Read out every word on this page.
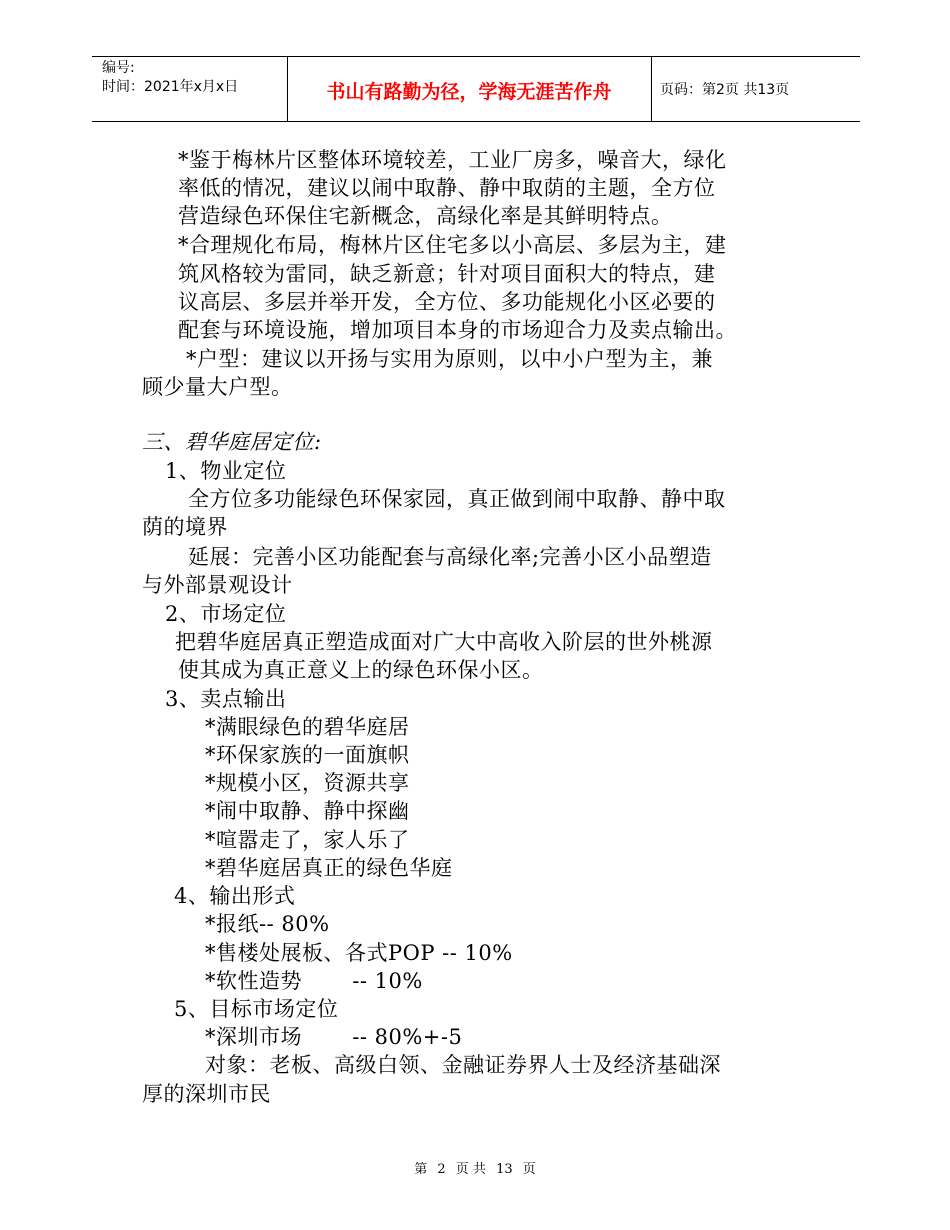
编号:
时间：2021年x月x日	书山有路勤为径，学海无涯苦作舟	页码：第2页 共13页
*鉴于梅林片区整体环境较差，工业厂房多，噪音大，绿化
率低的情况，建议以闹中取静、静中取荫的主题，全方位
营造绿色环保住宅新概念，高绿化率是其鲜明特点。
*合理规化布局，梅林片区住宅多以小高层、多层为主，建
筑风格较为雷同，缺乏新意；针对项目面积大的特点，建
议高层、多层并举开发，全方位、多功能规化小区必要的
配套与环境设施，增加项目本身的市场迎合力及卖点输出。
*户型：建议以开扬与实用为原则，以中小户型为主，兼
顾少量大户型。
三、碧华庭居定位:
1、物业定位
全方位多功能绿色环保家园，真正做到闹中取静、静中取
荫的境界
延展：完善小区功能配套与高绿化率;完善小区小品塑造
与外部景观设计
2、市场定位
把碧华庭居真正塑造成面对广大中高收入阶层的世外桃源
使其成为真正意义上的绿色环保小区。
3、卖点输出
*满眼绿色的碧华庭居
*环保家族的一面旗帜
*规模小区，资源共享
*闹中取静、静中探幽
*喧嚣走了，家人乐了
*碧华庭居真正的绿色华庭
4、输出形式
*报纸-- 80%
*售楼处展板、各式POP -- 10%
*软性造势       -- 10%
5、目标市场定位
*深圳市场       -- 80%+-5
对象：老板、高级白领、金融证券界人士及经济基础深
厚的深圳市民
第 2 页 共 13 页
